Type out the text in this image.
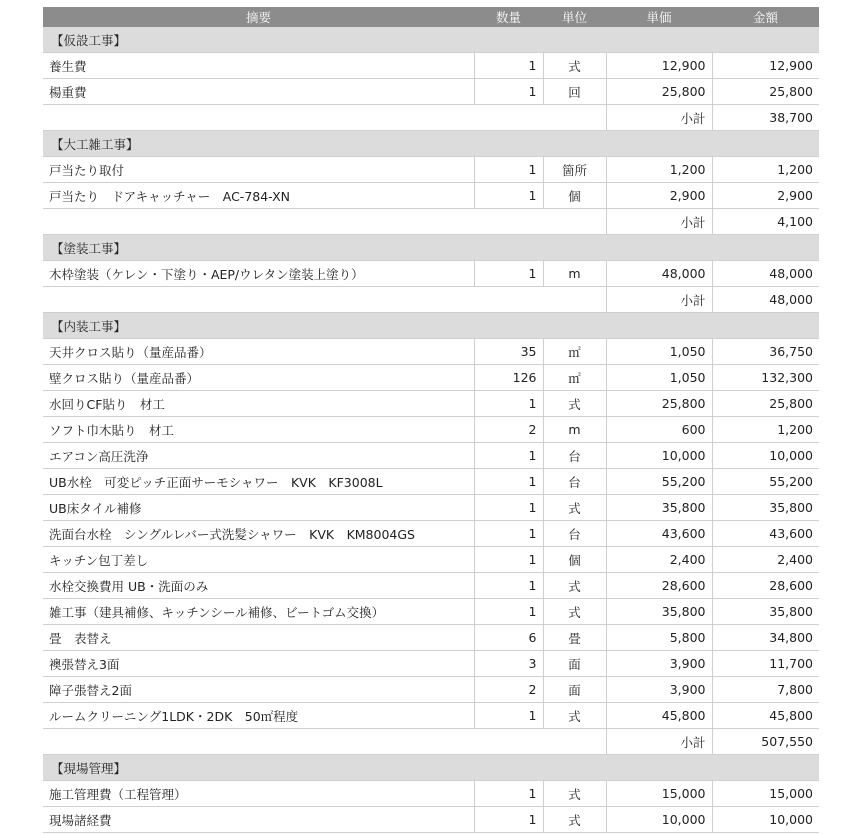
摘要	数量	単位	単価	金額
【仮設工事】				
養生費	1	式	12,900	12,900
楊重費	1	回	25,800	25,800
			小計	38,700
【大工雑工事】				
戸当たり取付	1	箇所	1,200	1,200
戸当たり　ドアキャッチャー　AC-784-XN	1	個	2,900	2,900
			小計	4,100
【塗装工事】				
木枠塗装（ケレン・下塗り・AEP/ウレタン塗装上塗り）	1	m	48,000	48,000
			小計	48,000
【内装工事】				
天井クロス貼り（量産品番）	35	㎡	1,050	36,750
壁クロス貼り（量産品番）	126	㎡	1,050	132,300
水回りCF貼り　材工	1	式	25,800	25,800
ソフト巾木貼り　材工	2	m	600	1,200
エアコン高圧洗浄	1	台	10,000	10,000
UB水栓　可変ピッチ正面サーモシャワー　KVK　KF3008L	1	台	55,200	55,200
UB床タイル補修	1	式	35,800	35,800
洗面台水栓　シングルレバー式洗髪シャワー　KVK　KM8004GS	1	台	43,600	43,600
キッチン包丁差し	1	個	2,400	2,400
水栓交換費用 UB・洗面のみ	1	式	28,600	28,600
雑工事（建具補修、キッチンシール補修、ビートゴム交換）	1	式	35,800	35,800
畳　表替え	6	畳	5,800	34,800
襖張替え3面	3	面	3,900	11,700
障子張替え2面	2	面	3,900	7,800
ルームクリーニング1LDK・2DK　50㎡程度	1	式	45,800	45,800
			小計	507,550
【現場管理】				
施工管理費（工程管理）	1	式	15,000	15,000
現場諸経費	1	式	10,000	10,000
